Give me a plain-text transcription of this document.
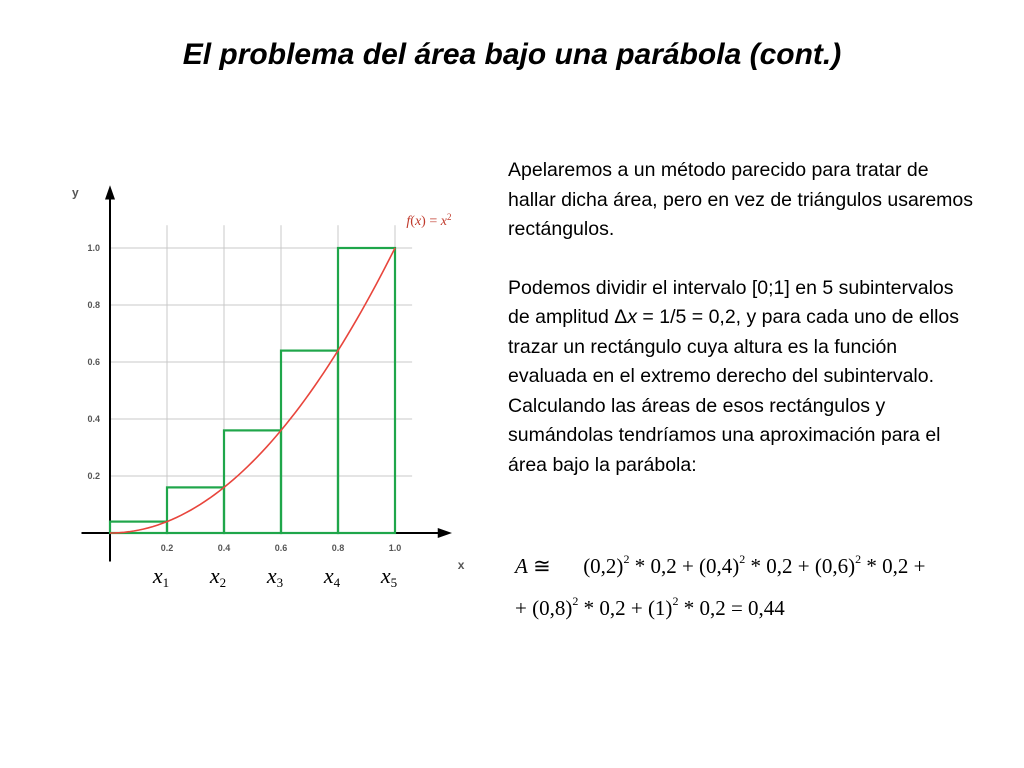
El problema del área bajo una parábola (cont.)
0.2	0.4	0.6	0.8	1.0
0.2
0.4
0.6
0.8
1.0
x1 x2 x3 x4 x5
$f(x) = x^2$
x
y

Apelaremos a un método parecido para tratar de hallar dicha área, pero en vez de triángulos usaremos rectángulos.

Podemos dividir el intervalo [0;1] en 5 subintervalos de amplitud Δx = 1/5 = 0,2, y para cada uno de ellos trazar un rectángulo cuya altura es la función evaluada en el extremo derecho del subintervalo. Calculando las áreas de esos rectángulos y sumándolas tendríamos una aproximación para el área bajo la parábola:

A ≅ $(0,2)^2 * 0,2 + (0,4)^2 * 0,2 + (0,6)^2 * 0,2$ +
+ $(0,8)^2 * 0,2 + (1)^2 * 0,2 = 0,44$
